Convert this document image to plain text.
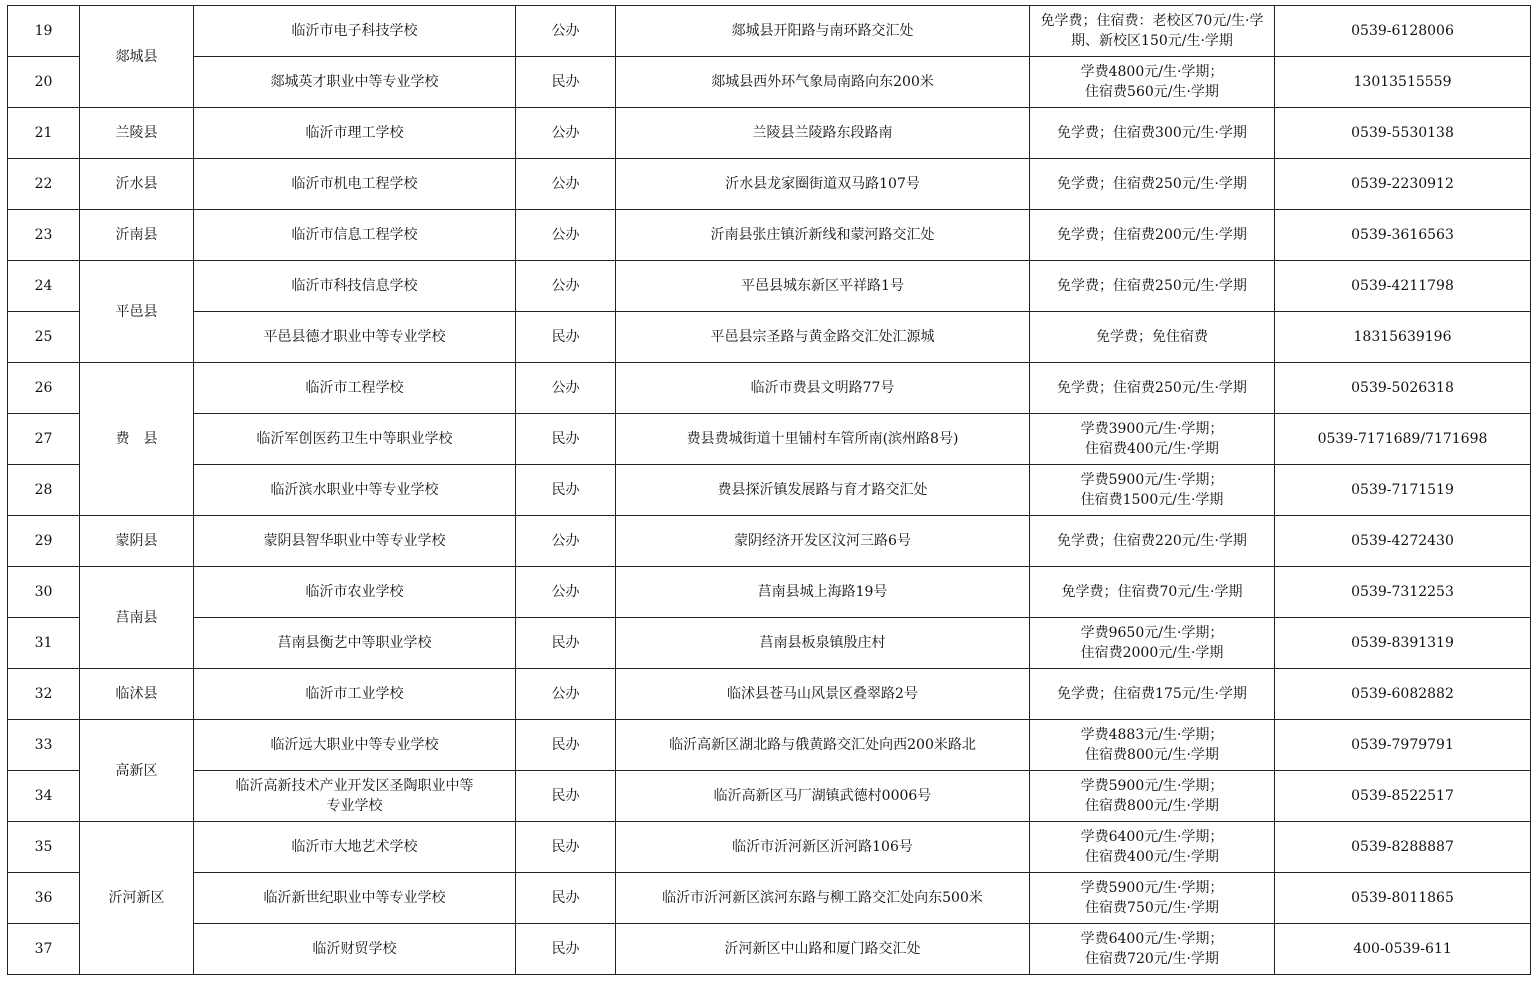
19	郯城县	临沂市电子科技学校	公办	郯城县开阳路与南环路交汇处	免学费；住宿费：老校区70元/生·学
期、新校区150元/生·学期	0539-6128006
20		郯城英才职业中等专业学校	民办	郯城县西外环气象局南路向东200米	学费4800元/生·学期；
住宿费560元/生·学期	13013515559
21	兰陵县	临沂市理工学校	公办	兰陵县兰陵路东段路南	免学费；住宿费300元/生·学期	0539-5530138
22	沂水县	临沂市机电工程学校	公办	沂水县龙家圈街道双马路107号	免学费；住宿费250元/生·学期	0539-2230912
23	沂南县	临沂市信息工程学校	公办	沂南县张庄镇沂新线和蒙河路交汇处	免学费；住宿费200元/生·学期	0539-3616563
24	平邑县	临沂市科技信息学校	公办	平邑县城东新区平祥路1号	免学费；住宿费250元/生·学期	0539-4211798
25		平邑县德才职业中等专业学校	民办	平邑县宗圣路与黄金路交汇处汇源城	免学费；免住宿费	18315639196
26	费　县	临沂市工程学校	公办	临沂市费县文明路77号	免学费；住宿费250元/生·学期	0539-5026318
27		临沂军创医药卫生中等职业学校	民办	费县费城街道十里铺村车管所南(滨州路8号)	学费3900元/生·学期；
住宿费400元/生·学期	0539-7171689/7171698
28		临沂滨水职业中等专业学校	民办	费县探沂镇发展路与育才路交汇处	学费5900元/生·学期；
住宿费1500元/生·学期	0539-7171519
29	蒙阴县	蒙阴县智华职业中等专业学校	公办	蒙阴经济开发区汶河三路6号	免学费；住宿费220元/生·学期	0539-4272430
30	莒南县	临沂市农业学校	公办	莒南县城上海路19号	免学费；住宿费70元/生·学期	0539-7312253
31		莒南县衡艺中等职业学校	民办	莒南县板泉镇殷庄村	学费9650元/生·学期；
住宿费2000元/生·学期	0539-8391319
32	临沭县	临沂市工业学校	公办	临沭县苍马山风景区叠翠路2号	免学费；住宿费175元/生·学期	0539-6082882
33	高新区	临沂远大职业中等专业学校	民办	临沂高新区湖北路与俄黄路交汇处向西200米路北	学费4883元/生·学期；
住宿费800元/生·学期	0539-7979791
34		临沂高新技术产业开发区圣陶职业中等
专业学校	民办	临沂高新区马厂湖镇武德村0006号	学费5900元/生·学期；
住宿费800元/生·学期	0539-8522517
35	沂河新区	临沂市大地艺术学校	民办	临沂市沂河新区沂河路106号	学费6400元/生·学期；
住宿费400元/生·学期	0539-8288887
36		临沂新世纪职业中等专业学校	民办	临沂市沂河新区滨河东路与柳工路交汇处向东500米	学费5900元/生·学期；
住宿费750元/生·学期	0539-8011865
37		临沂财贸学校	民办	沂河新区中山路和厦门路交汇处	学费6400元/生·学期；
住宿费720元/生·学期	400-0539-611
